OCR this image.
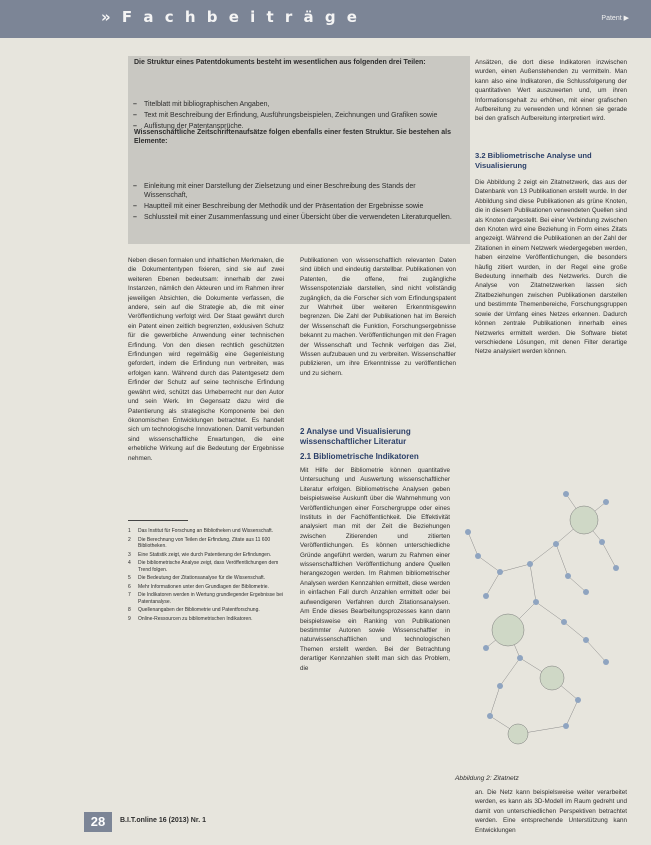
» F a c h b e i t r ä g e	Patent ▶

Die Struktur eines Patentdokuments besteht im wesentlichen aus folgenden drei Teilen:

– Titelblatt mit bibliographischen Angaben,
– Text mit Beschreibung der Erfindung, Ausführungsbeispielen, Zeichnungen und Grafiken sowie
– Auflistung der Patentansprüche.

Wissenschaftliche Zeitschriftenaufsätze folgen ebenfalls einer festen Struktur. Sie bestehen als Elemente:

– Einleitung mit einer Darstellung der Zielsetzung und einer Beschreibung des Stands der Wissenschaft,
– Hauptteil mit einer Beschreibung der Methodik und der Präsentation der Ergebnisse sowie
– Schlussteil mit einer Zusammenfassung und einer Übersicht über die verwendeten Literaturquellen.

Neben diesen formalen und inhaltlichen Merkmalen, die die Dokumententypen fixieren, sind sie auf zwei weiteren Ebenen bedeutsam: innerhalb der zwei Instanzen, nämlich den Akteuren und im Rahmen ihrer jeweiligen Absichten, die Dokumente verfassen, die andere, sein auf die Strategie ab, die mit einer Veröffentlichung verfolgt wird. Der Staat gewährt durch ein Patent einen zeitlich begrenzten, exklusiven Schutz für die gewerbliche Anwendung einer technischen Erfindung. Von den diesen rechtlich geschützten Erfindungen wird regelmäßig eine Gegenleistung gefordert, indem die Erfindung nun verbreiten, was erfolgen kann. Während durch das Patentgesetz dem Erfinder der Schutz auf seine technische Erfindung gewährt wird, schützt das Urheberrecht nur den Autor und sein Werk. Im Gegensatz dazu wird die Patentierung als strategische Komponente bei den ökonomischen Entwicklungen betrachtet. Es handelt sich um technologische Innovationen. Damit verbunden sind wissenschaftliche Erwartungen, die eine erhebliche Wirkung auf die Bedeutung der Ergebnisse nehmen.

Publikationen von wissenschaftlich relevanten Daten sind üblich und eindeutig darstellbar. Publikationen von Patenten, die offene, frei zugängliche Wissenspotenziale darstellen, sind nicht vollständig zugänglich, da die Forscher sich vom Erfindungspatent zur Wahrheit über weiteren Erkenntnisgewinn begrenzen. Die Zahl der Publikationen hat im Bereich der Wissenschaft die Funktion, Forschungsergebnisse bekannt zu machen. Veröffentlichungen mit den Fragen der Wissenschaft und Technik verfolgen das Ziel, Wissen aufzubauen und zu verbreiten. Wissenschaftler publizieren, um ihre Erkenntnisse zu veröffentlichen und zu sichern.

2 Analyse und Visualisierung wissenschaftlicher Literatur
2.1 Bibliometrische Indikatoren

Mit Hilfe der Bibliometrie können quantitative Untersuchung und Auswertung wissenschaftlicher Literatur erfolgen. Bibliometrische Analysen geben beispielsweise Auskunft über die Wahrnehmung von Veröffentlichungen einer Forschergruppe oder eines Instituts in der Fachöffentlichkeit. Die Effektivität analysiert man mit der Zeit die Beziehungen zwischen Zitierenden und zitierten Veröffentlichungen. Es können unterschiedliche Gründe angeführt werden, warum zu Rahmen einer wissenschaftlichen Veröffentlichung andere Quellen herangezogen werden. Im Rahmen bibliometrischer Analysen werden Kennzahlen ermittelt, diese werden in einfachen Fall durch Anzahlen ermittelt oder bei aufwendigeren Verfahren durch Zitationsanalysen. Am Ende dieses Bearbeitungsprozesses kann dann beispielsweise ein Ranking von Publikationen bestimmter Autoren sowie Wissenschaftler in naturwissenschaftlichen und technologischen Themen erstellt werden. Bei der Betrachtung derartiger Kennzahlen stellt man sich das Problem, die

Ansätzen, die dort diese Indikatoren inzwischen wurden, einen Außenstehenden zu vermitteln. Man kann also eine Indikatoren, die Schlussfolgerung der quantitativen Wert auszuwerten und, um ihren Informationsgehalt zu erhöhen, mit einer grafischen Aufbereitung zu verwenden und können sie gerade bei den grafisch Aufbereitung interpretiert wird.

3.2 Bibliometrische Analyse und Visualisierung

Die Abbildung 2 zeigt ein Zitatnetzwerk, das aus der Datenbank von 13 Publikationen erstellt wurde. In der Abbildung sind diese Publikationen als grüne Knoten, die in diesem Publikationen verwendeten Quellen sind als Knoten dargestellt. Bei einer Verbindung zwischen den Knoten wird eine Beziehung in Form eines Zitats angezeigt. Während die Publikationen an der Zahl der Zitationen in einem Netzwerk wiedergegeben werden, haben einzelne Veröffentlichungen, die besonders häufig zitiert wurden, in der Regel eine große Bedeutung innerhalb des Netzwerks. Durch die Analyse von Zitatnetzwerken lassen sich Zitatbeziehungen zwischen Publikationen darstellen und bestimmte Themenbereiche, Forschungsgruppen sowie der Umfang eines Netzes erkennen. Dadurch können zentrale Publikationen innerhalb eines Netzwerks ermittelt werden. Die Software bietet verschiedene Lösungen, mit denen Filter derartige Netze analysiert werden können.

1 Das Institut für Forschung an Bibliotheken und Wissenschaft.
2 Die Berechnung von Teilen der Erfindung, Zitate aus 11 600 Bibliotheken.
3 Eine Statistik zeigt, wie durch Patentierung der Erfindungen.
4 Die bibliometrische Analyse zeigt, dass Veröffentlichungen dem Trend folgen.
5 Die Bedeutung der Zitationsanalyse für die Wissenschaft.
6 Mehr Informationen unter den Grundlagen der Bibliometrie.
7 Die Indikatoren werden in Wertung grundlegender Ergebnisse bei Patentanalyse.
8 Quellenangaben der Bibliometrie und Patentforschung.
9 Online-Ressourcen zu bibliometrischen Indikatoren.
Abbildung 2: Zitatnetz

an. Die Netz kann beispielsweise weiter verarbeitet werden, es kann als 3D-Modell im Raum gedreht und damit von unterschiedlichen Perspektiven betrachtet werden. Eine entsprechende Unterstützung kann Entwicklungen

28	B.I.T.online 16 (2013) Nr. 1
